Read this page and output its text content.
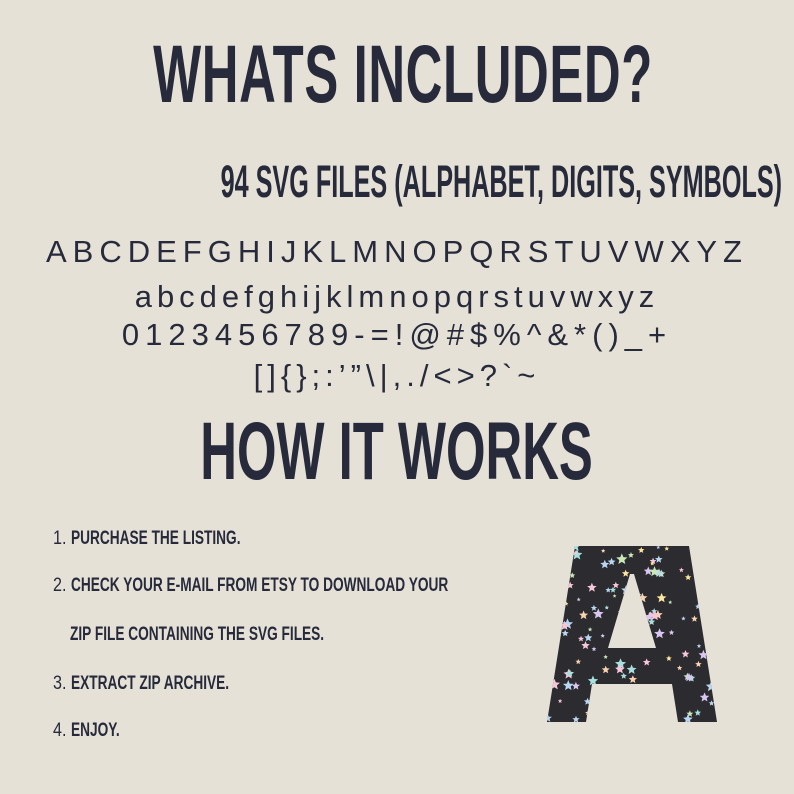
WHATS INCLUDED?
94 SVG FILES (ALPHABET, DIGITS, SYMBOLS)
ABCDEFGHIJKLMNOPQRSTUVWXYZ
abcdefghijklmnopqrstuvwxyz
0123456789-=!@#$%^&*()_+
[]{};:’”\|,./<>?`~
HOW IT WORKS
1. PURCHASE THE LISTING.
2. CHECK YOUR E-MAIL FROM ETSY TO DOWNLOAD YOUR
ZIP FILE CONTAINING THE SVG FILES.
3. EXTRACT ZIP ARCHIVE.
4. ENJOY.
